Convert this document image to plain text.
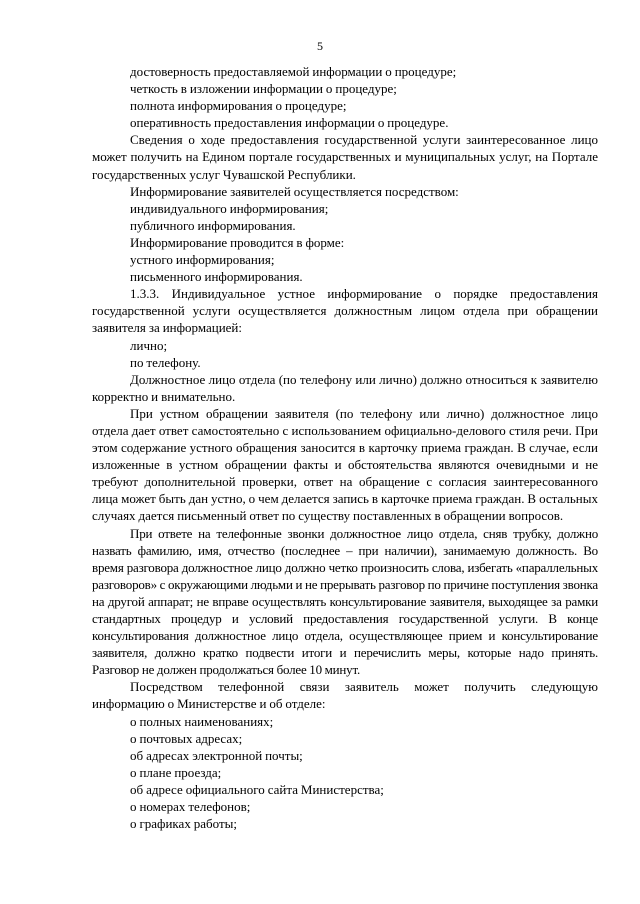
5

достоверность предоставляемой информации о процедуре;

четкость в изложении информации о процедуре;

полнота информирования о процедуре;

оперативность предоставления информации о процедуре.

Сведения о ходе предоставления государственной услуги заинтересованное лицо может получить на Едином портале государственных и муниципальных услуг, на Портале государственных услуг Чувашской Республики.

Информирование заявителей осуществляется посредством:

индивидуального информирования;

публичного информирования.

Информирование проводится в форме:

устного информирования;

письменного информирования.

1.3.3. Индивидуальное устное информирование о порядке предоставления государственной услуги осуществляется должностным лицом отдела при обращении заявителя за информацией:

лично;

по телефону.

Должностное лицо отдела (по телефону или лично) должно относиться к заявителю корректно и внимательно.

При устном обращении заявителя (по телефону или лично) должностное лицо отдела дает ответ самостоятельно с использованием официально-делового стиля речи. При этом содержание устного обращения заносится в карточку приема граждан. В случае, если изложенные в устном обращении факты и обстоятельства являются очевидными и не требуют дополнительной проверки, ответ на обращение с согласия заинтересованного лица может быть дан устно, о чем делается запись в карточке приема граждан. В остальных случаях дается письменный ответ по существу поставленных в обращении вопросов.

При ответе на телефонные звонки должностное лицо отдела, сняв трубку, должно назвать фамилию, имя, отчество (последнее – при наличии), занимаемую должность. Во время разговора должностное лицо должно четко произносить слова, избегать «параллельных разговоров» с окружающими людьми и не прерывать разговор по причине поступления звонка на другой аппарат; не вправе осуществлять консультирование заявителя, выходящее за рамки стандартных процедур и условий предоставления государственной услуги. В конце консультирования должностное лицо отдела, осуществляющее прием и консультирование заявителя, должно кратко подвести итоги и перечислить меры, которые надо принять. Разговор не должен продолжаться более 10 минут.

Посредством телефонной связи заявитель может получить следующую информацию о Министерстве и об отделе:

о полных наименованиях;

о почтовых адресах;

об адресах электронной почты;

о плане проезда;

об адресе официального сайта Министерства;

о номерах телефонов;

о графиках работы;
